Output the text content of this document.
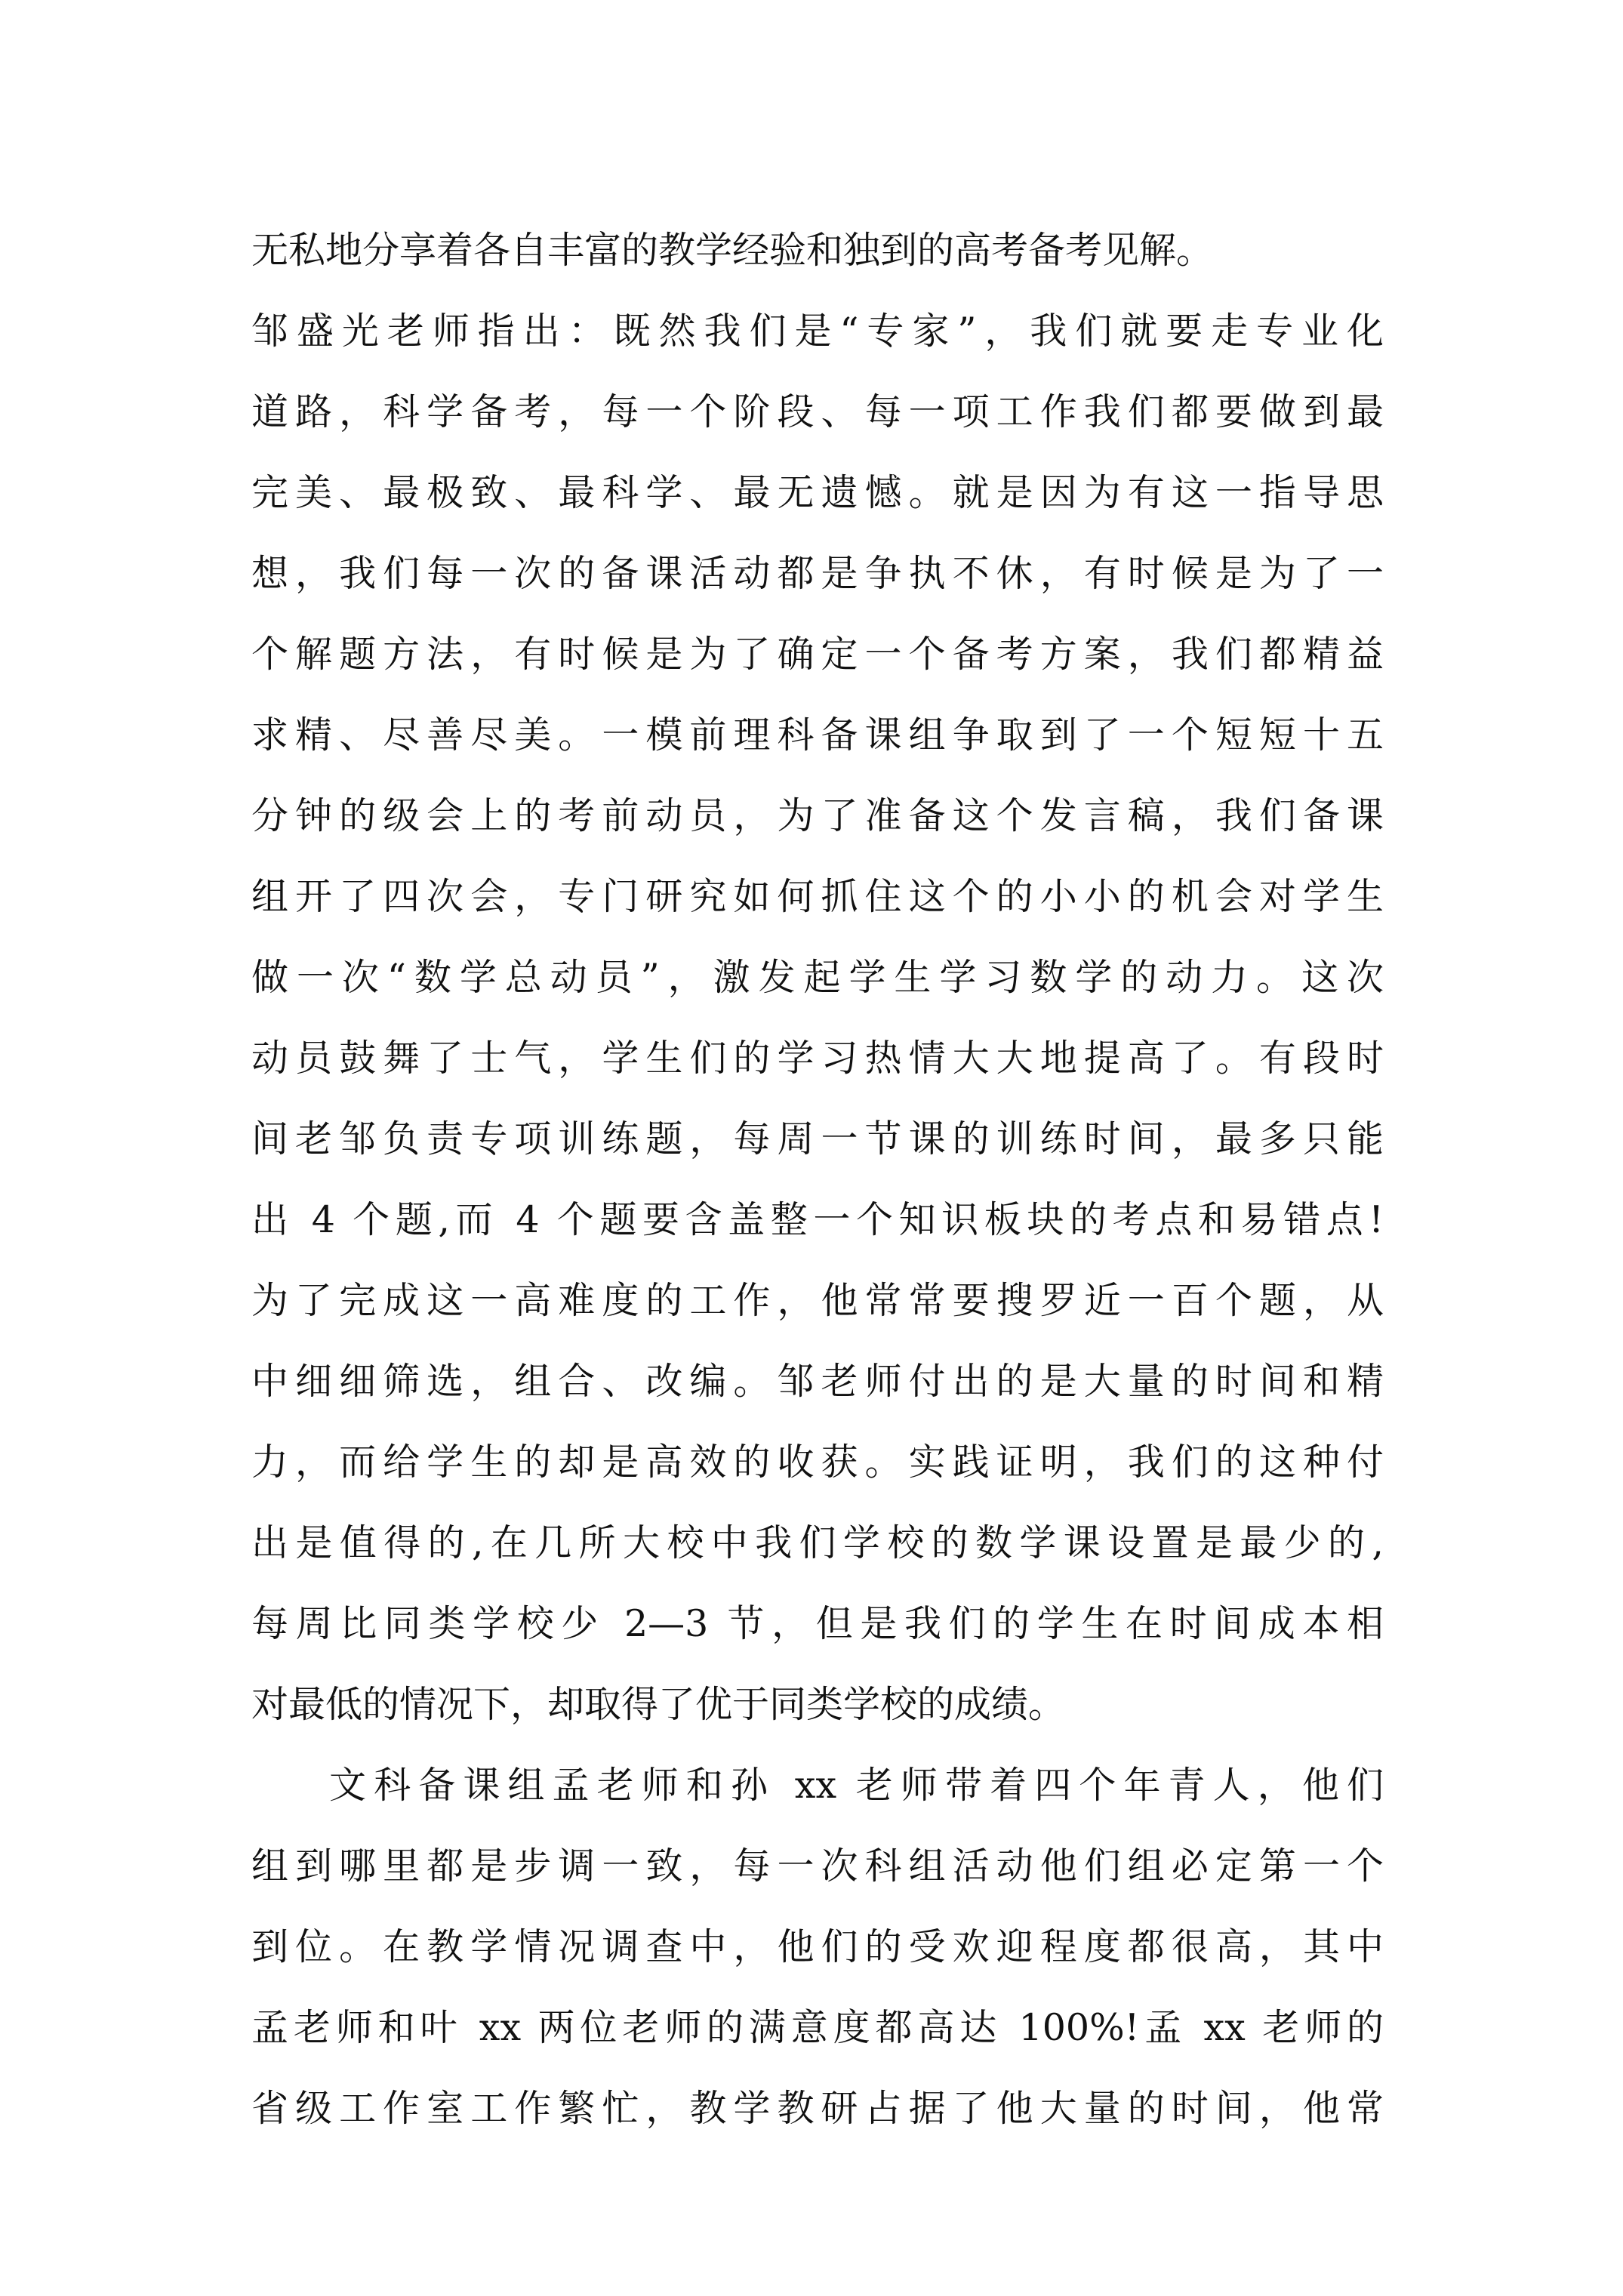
无私地分享着各自丰富的教学经验和独到的高考备考见解。
邹盛光老师指出：既然我们是“专家”，我们就要走专业化
道路，科学备考，每一个阶段、每一项工作我们都要做到最
完美、最极致、最科学、最无遗憾。就是因为有这一指导思
想，我们每一次的备课活动都是争执不休，有时候是为了一
个解题方法，有时候是为了确定一个备考方案，我们都精益
求精、尽善尽美。一模前理科备课组争取到了一个短短十五
分钟的级会上的考前动员，为了准备这个发言稿，我们备课
组开了四次会，专门研究如何抓住这个的小小的机会对学生
做一次“数学总动员”，激发起学生学习数学的动力。这次
动员鼓舞了士气，学生们的学习热情大大地提高了。有段时
间老邹负责专项训练题，每周一节课的训练时间，最多只能
出 4 个题,而 4 个题要含盖整一个知识板块的考点和易错点!
为了完成这一高难度的工作，他常常要搜罗近一百个题，从
中细细筛选，组合、改编。邹老师付出的是大量的时间和精
力，而给学生的却是高效的收获。实践证明，我们的这种付
出是值得的,在几所大校中我们学校的数学课设置是最少的,
每周比同类学校少 2—3 节，但是我们的学生在时间成本相
对最低的情况下，却取得了优于同类学校的成绩。
文科备课组孟老师和孙 xx 老师带着四个年青人，他们
组到哪里都是步调一致，每一次科组活动他们组必定第一个
到位。在教学情况调查中，他们的受欢迎程度都很高，其中
孟老师和叶 xx 两位老师的满意度都高达 100%!孟 xx 老师的
省级工作室工作繁忙，教学教研占据了他大量的时间，他常
